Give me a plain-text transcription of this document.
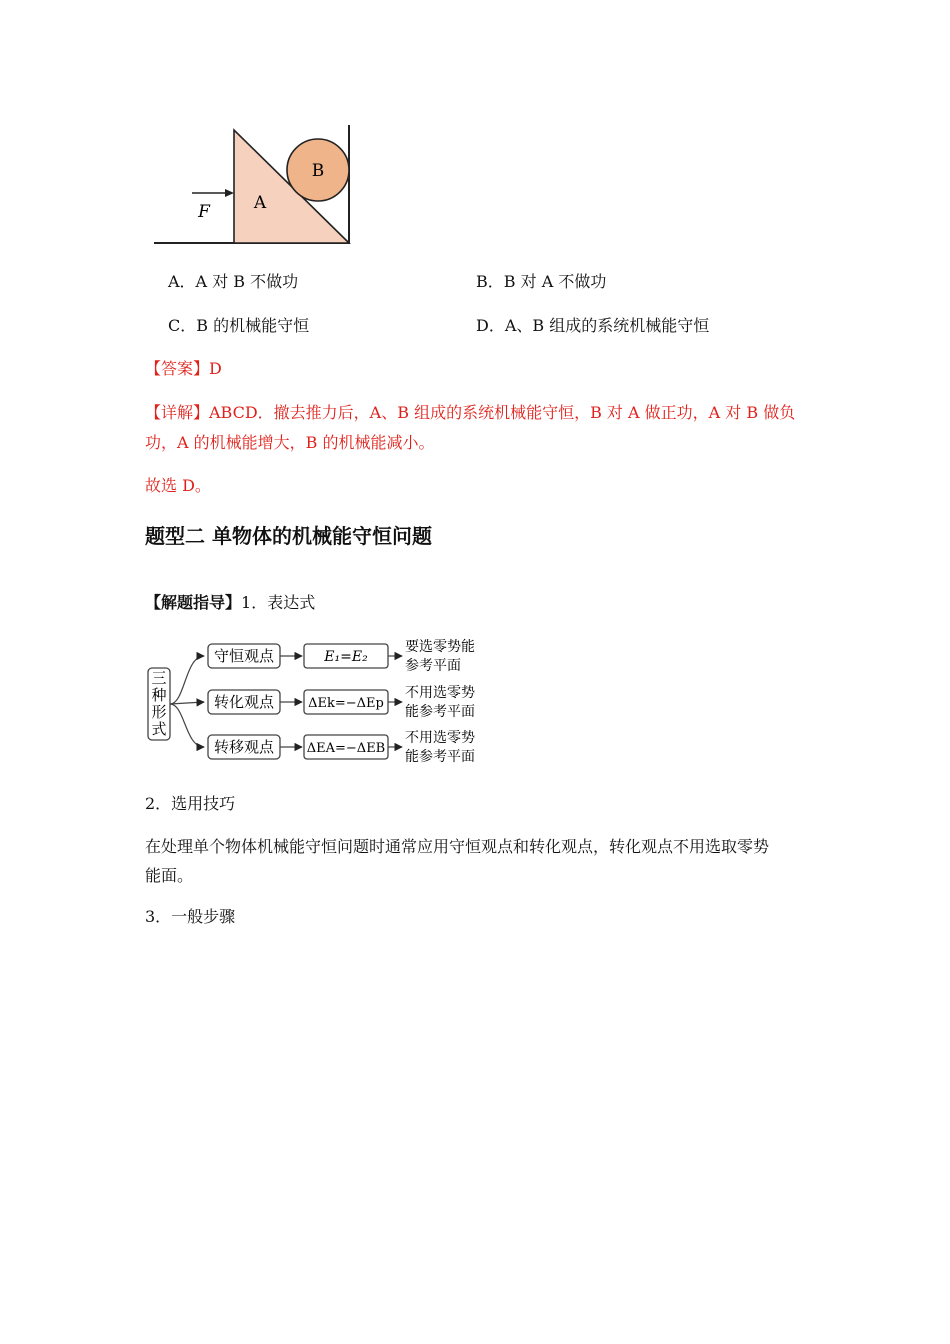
A
B
F
A．A 对 B 不做功	B．B 对 A 不做功
C．B 的机械能守恒	D．A、B 组成的系统机械能守恒
【答案】D
【详解】ABCD．撤去推力后，A、B 组成的系统机械能守恒，B 对 A 做正功，A 对 B 做负
功，A 的机械能增大，B 的机械能减小。
故选 D。
题型二 单物体的机械能守恒问题
【解题指导】1．表达式
三
种
形
式
守恒观点	E₁=E₂
要选零势能
参考平面
转化观点	ΔEk=−ΔEp
不用选零势
能参考平面
转移观点	ΔEA=−ΔEB
不用选零势
能参考平面
2．选用技巧
在处理单个物体机械能守恒问题时通常应用守恒观点和转化观点，转化观点不用选取零势
能面。
3．一般步骤
